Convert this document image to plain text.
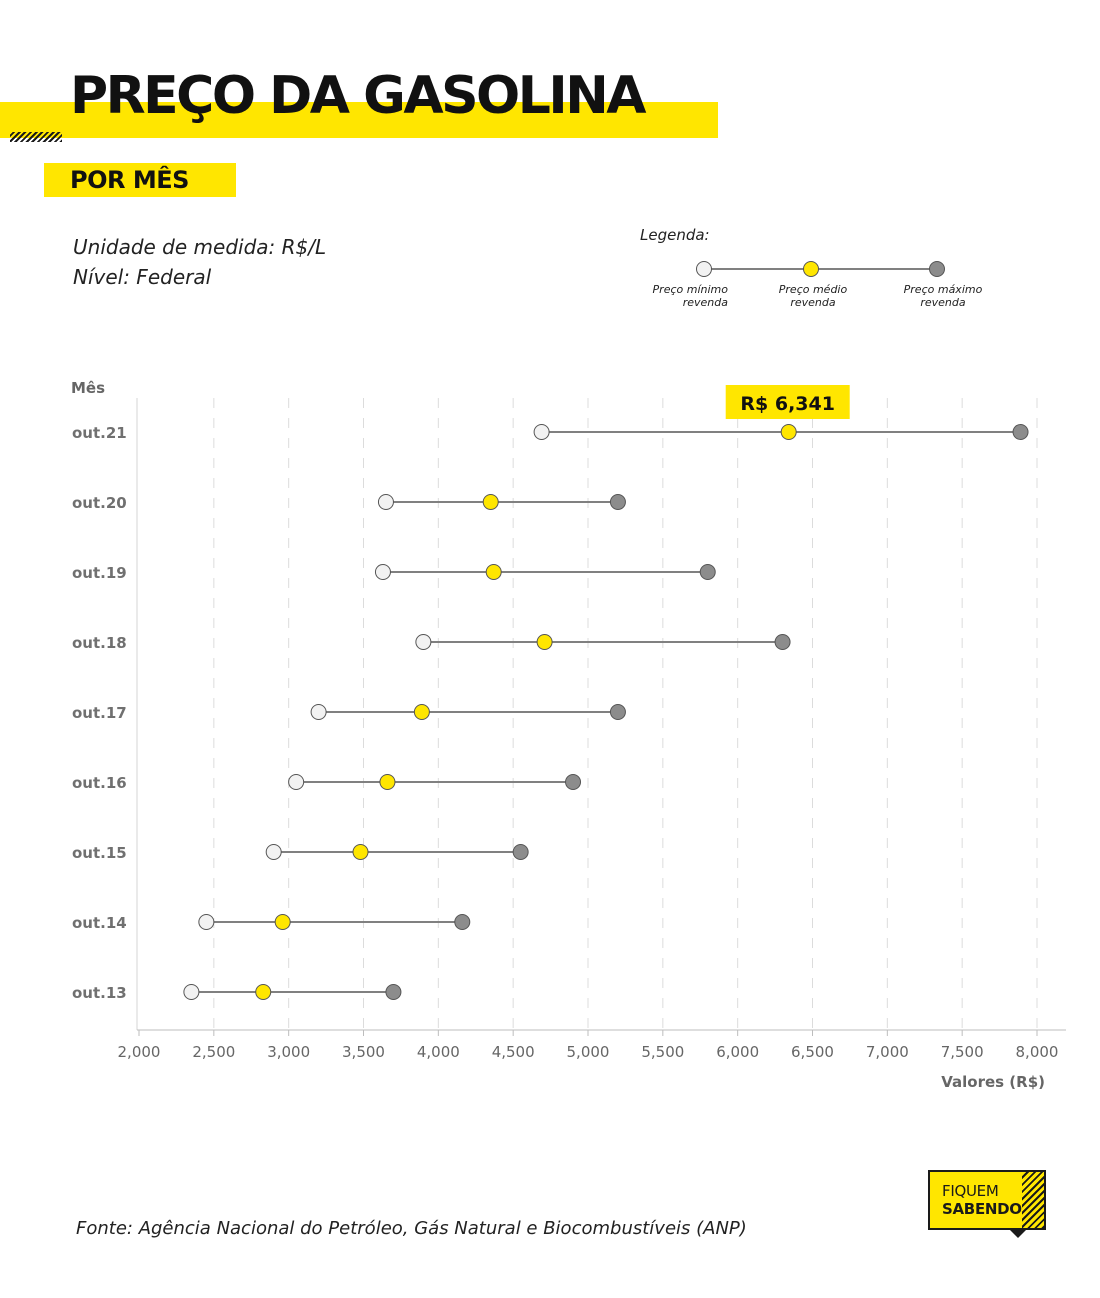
PREÇO DA GASOLINA
POR MÊS
Unidade de medida: R$/L
Nível: Federal
Legenda:
Preço mínimo
revenda
Preço médio
revenda
Preço máximo
revenda
Mês
Valores (R$)
2,000 2,500 3,000 3,500 4,000 4,500 5,000 5,500 6,000 6,500 7,000 7,500 8,000
out.21
out.20
out.19
out.18
out.17
out.16
out.15
out.14
out.13
R$ 6,341
Fonte: Agência Nacional do Petróleo, Gás Natural e Biocombustíveis (ANP)
FIQUEM
SABENDO
